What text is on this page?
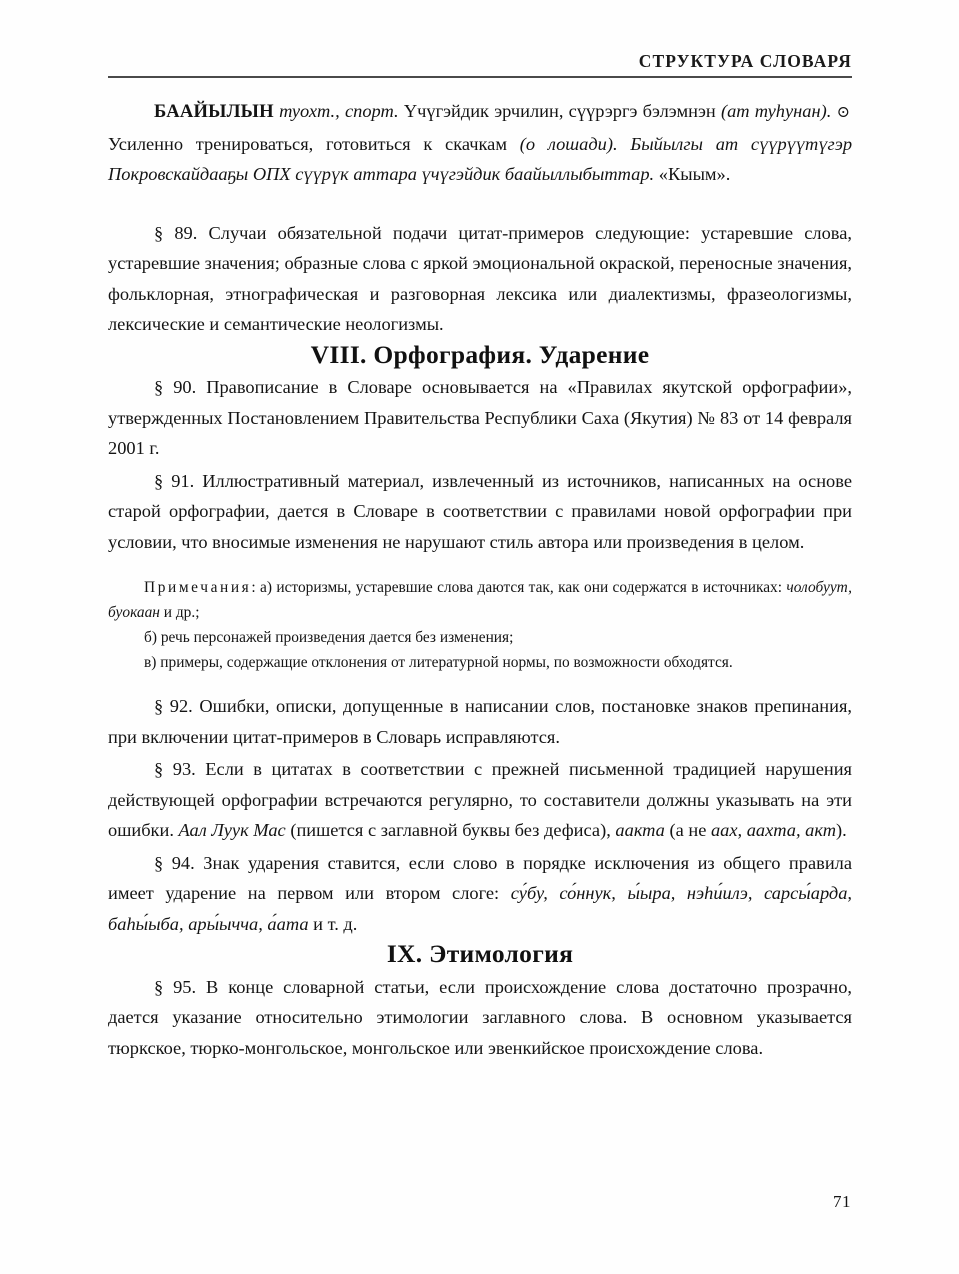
СТРУКТУРА СЛОВАРЯ

БААЙЫЛЫН туохт., спорт. Үчүгэйдик эрчилин, сүүрэргэ бэлэмнэн (ат туһунан). ⊙ Усиленно тренироваться, готовиться к скачкам (о лошади). Быйылгы ат сүүрүүтүгэр Покровскайдааҕы ОПХ сүүрүк аттара үчүгэйдик баайыллыбыттар. «Кыым».

§ 89. Случаи обязательной подачи цитат-примеров следующие: устаревшие слова, устаревшие значения; образные слова с яркой эмоциональной окраской, переносные значения, фольклорная, этнографическая и разговорная лексика или диалектизмы, фразеологизмы, лексические и семантические неологизмы.

VIII. Орфография. Ударение

§ 90. Правописание в Словаре основывается на «Правилах якутской орфографии», утвержденных Постановлением Правительства Республики Саха (Якутия) № 83 от 14 февраля 2001 г.

§ 91. Иллюстративный материал, извлеченный из источников, написанных на основе старой орфографии, дается в Словаре в соответствии с правилами новой орфографии при условии, что вносимые изменения не нарушают стиль автора или произведения в целом.

Примечания: а) историзмы, устаревшие слова даются так, как они содержатся в источниках: чолобуут, буокаан и др.;

б) речь персонажей произведения дается без изменения;

в) примеры, содержащие отклонения от литературной нормы, по возможности обходятся.

§ 92. Ошибки, описки, допущенные в написании слов, постановке знаков препинания, при включении цитат-примеров в Словарь исправляются.

§ 93. Если в цитатах в соответствии с прежней письменной традицией нарушения действующей орфографии встречаются регулярно, то составители должны указывать на эти ошибки. Аал Луук Мас (пишется с заглавной буквы без дефиса), аакта (а не аах, аахта, акт).

§ 94. Знак ударения ставится, если слово в порядке исключения из общего правила имеет ударение на первом или втором слоге: су́бу, со́ннук, ы́ыра, нэһи́илэ, сарсы́арда, баһы́ыба, ары́ычча, а́ата и т. д.

IX. Этимология

§ 95. В конце словарной статьи, если происхождение слова достаточно прозрачно, дается указание относительно этимологии заглавного слова. В основном указывается тюркское, тюрко-монгольское, монгольское или эвенкийское происхождение слова.

71
